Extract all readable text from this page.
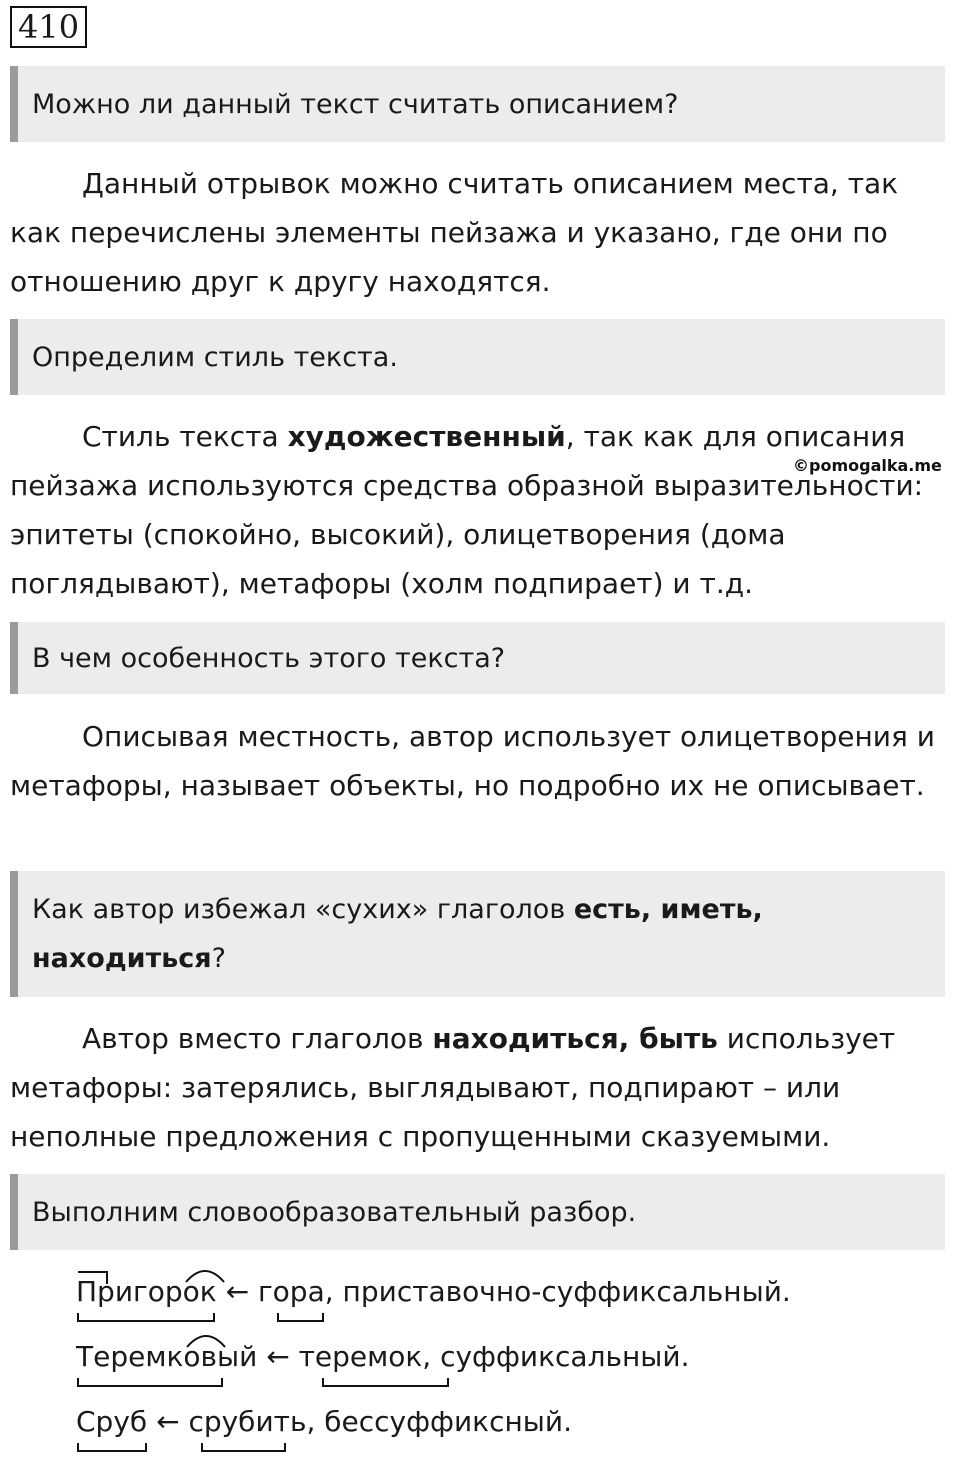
410
Можно ли данный текст считать описанием?

Данный отрывок можно считать описанием места, так как перечислены элементы пейзажа и указано, где они по отношению друг к другу находятся.

Определим стиль текста.

Стиль текста художественный, так как для описания пейзажа используются средства образной выразительности: эпитеты (спокойно, высокий), олицетворения (дома поглядывают), метафоры (холм подпирает) и т.д.

©pomogalka.me
В чем особенность этого текста?

Описывая местность, автор использует олицетворения и метафоры, называет объекты, но подробно их не описывает.

Как автор избежал «сухих» глаголов есть, иметь,
находиться?

Автор вместо глаголов находиться, быть использует метафоры: затерялись, выглядывают, подпирают – или неполные предложения с пропущенными сказуемыми.

Выполним словообразовательный разбор.
Пригорок ← гора, приставочно-суффиксальный.
Теремковый ← теремок, суффиксальный.
Сруб ← срубить, бессуффиксный.
